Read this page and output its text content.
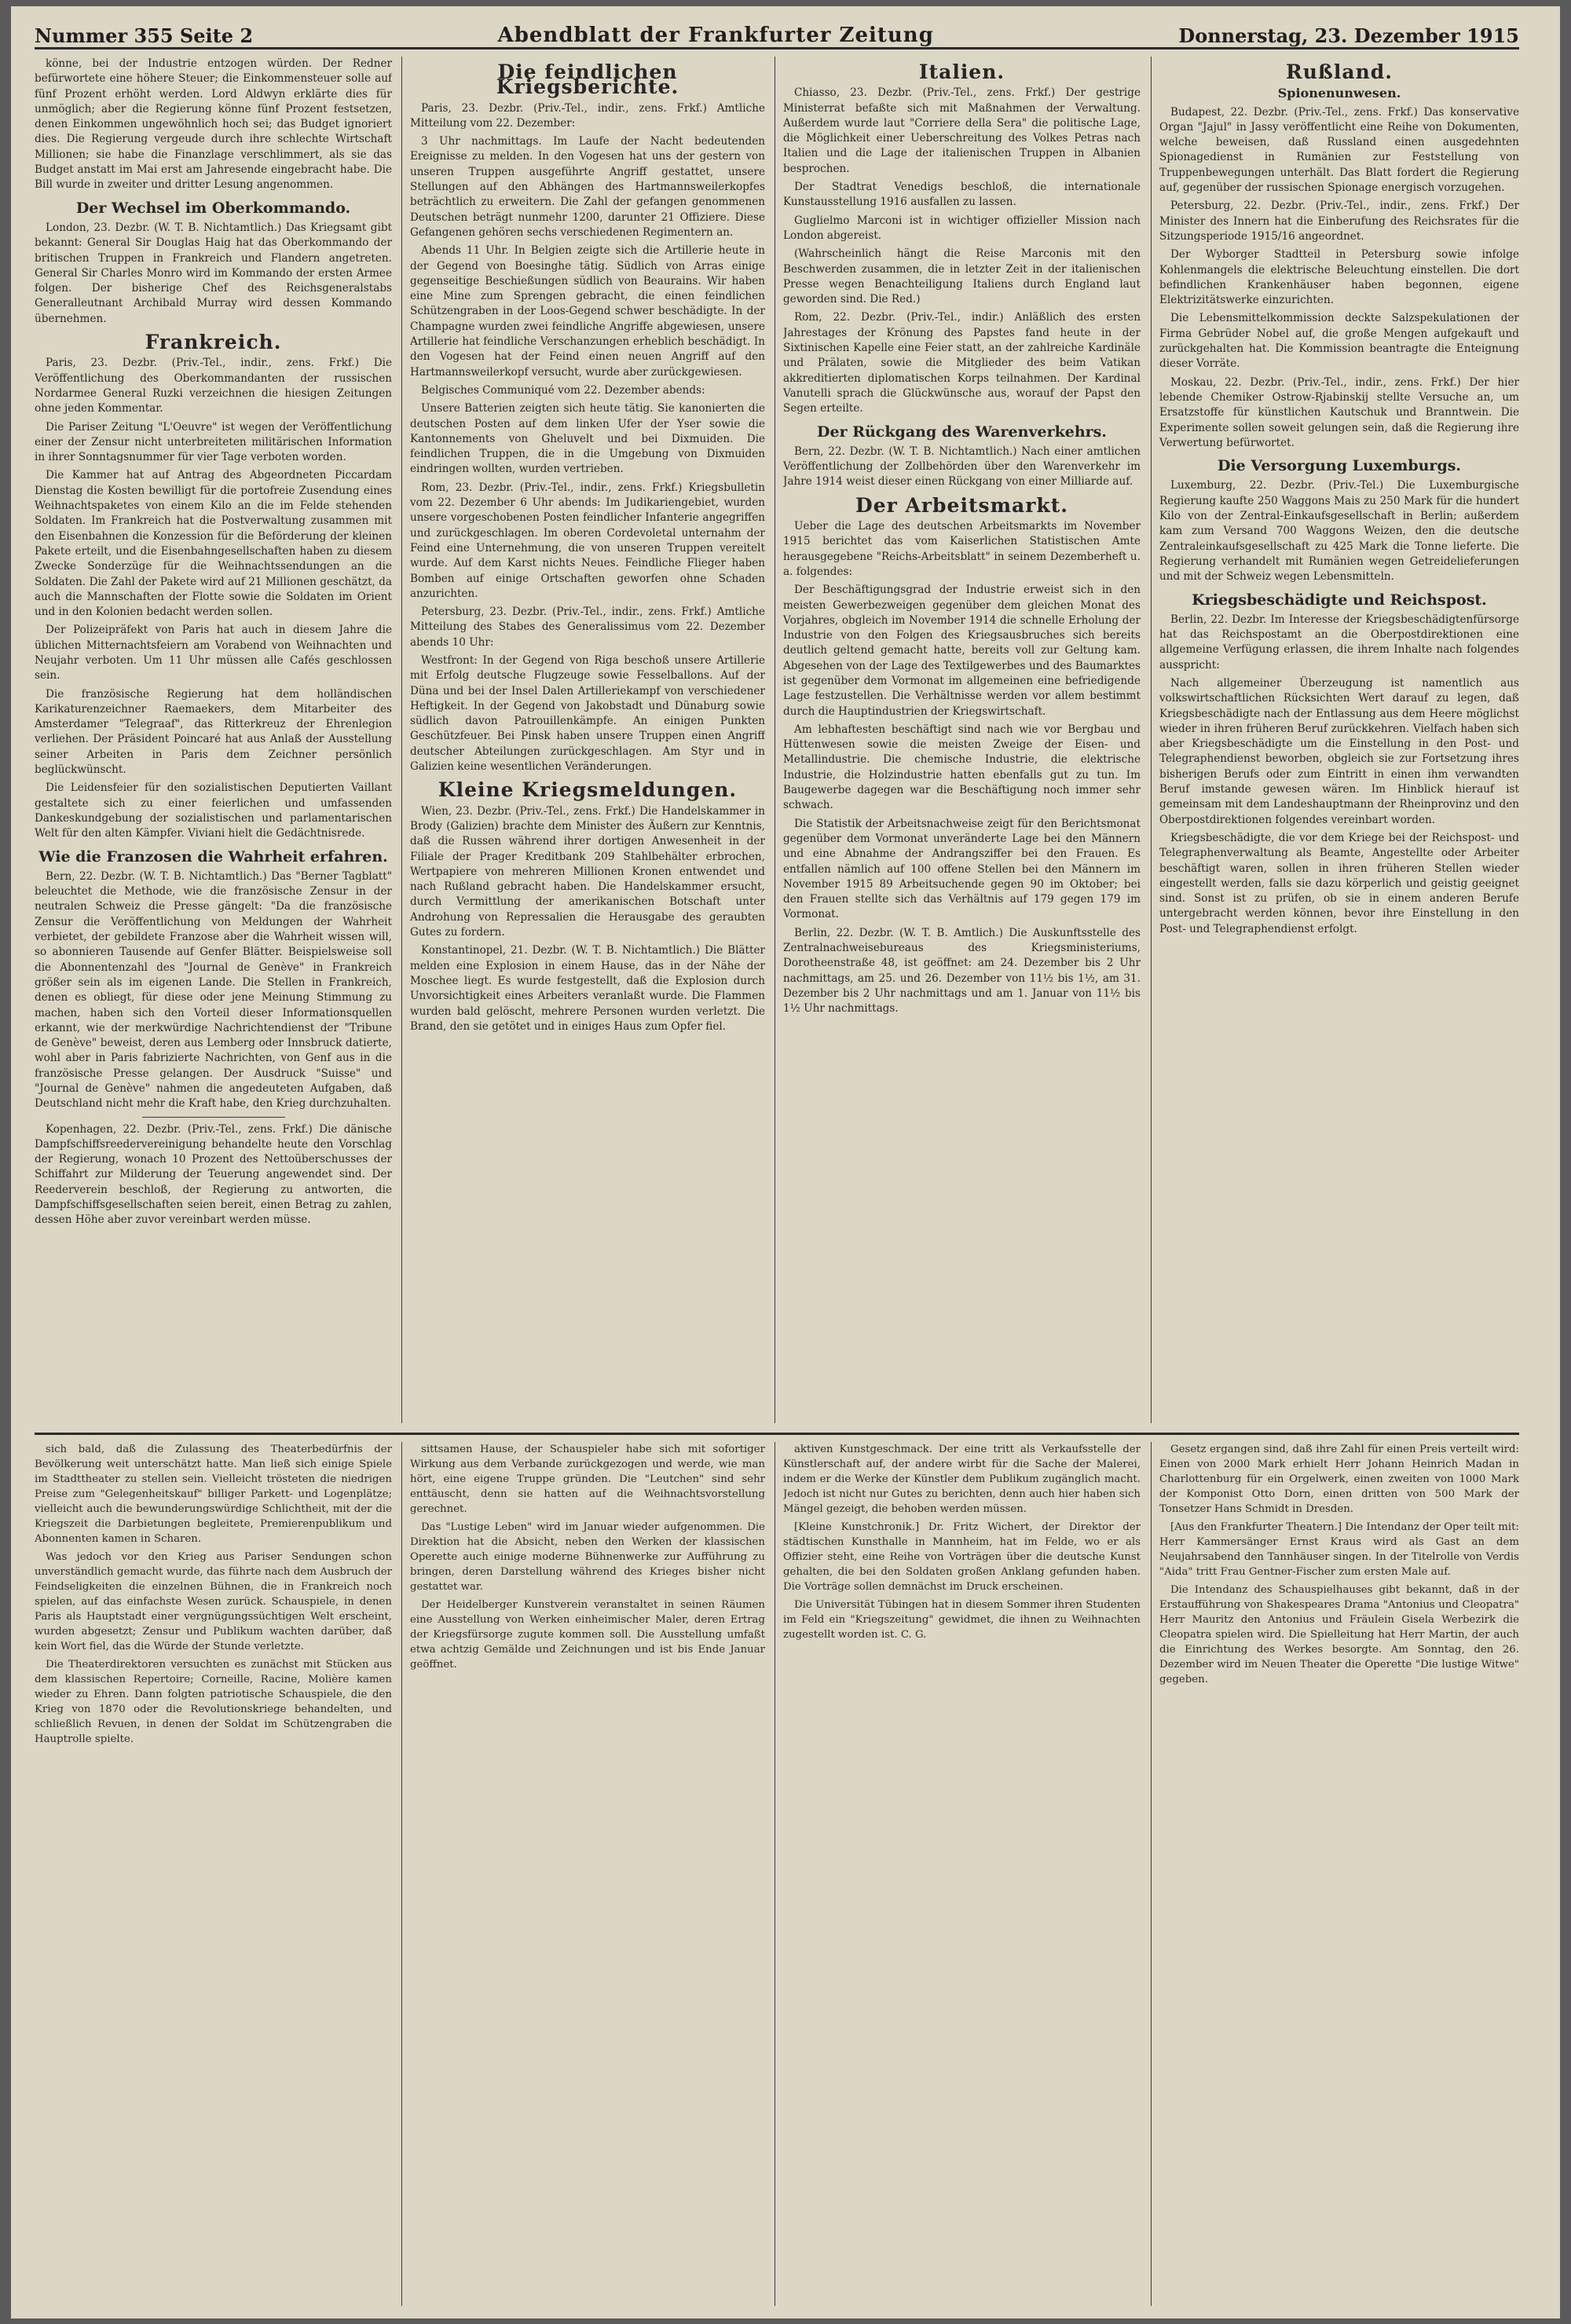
Nummer 355 Seite 2	Abendblatt der Frankfurter Zeitung	Donnerstag, 23. Dezember 1915

könne, bei der Industrie entzogen würden. Der Redner befürwortete eine höhere Steuer; die Einkommensteuer solle auf fünf Prozent erhöht werden. Lord Aldwyn erklärte dies für unmöglich; aber die Regierung könne fünf Prozent festsetzen, denen Einkommen ungewöhnlich hoch sei; das Budget ignoriert dies. Die Regierung vergeude durch ihre schlechte Wirtschaft Millionen; sie habe die Finanzlage verschlimmert, als sie das Budget anstatt im Mai erst am Jahresende eingebracht habe. Die Bill wurde in zweiter und dritter Lesung angenommen.

Der Wechsel im Oberkommando.

London, 23. Dezbr. (W. T. B. Nichtamtlich.) Das Kriegsamt gibt bekannt: General Sir Douglas Haig hat das Oberkommando der britischen Truppen in Frankreich und Flandern angetreten. General Sir Charles Monro wird im Kommando der ersten Armee folgen. Der bisherige Chef des Reichsgeneralstabs Generalleutnant Archibald Murray wird dessen Kommando übernehmen.

Frankreich.

Paris, 23. Dezbr. (Priv.-Tel., indir., zens. Frkf.) Die Veröffentlichung des Oberkommandanten der russischen Nordarmee General Ruzki verzeichnen die hiesigen Zeitungen ohne jeden Kommentar.

Die Pariser Zeitung "L'Oeuvre" ist wegen der Veröffentlichung einer der Zensur nicht unterbreiteten militärischen Information in ihrer Sonntagsnummer für vier Tage verboten worden.

Die Kammer hat auf Antrag des Abgeordneten Piccardam Dienstag die Kosten bewilligt für die portofreie Zusendung eines Weihnachtspaketes von einem Kilo an die im Felde stehenden Soldaten. Im Frankreich hat die Postverwaltung zusammen mit den Eisenbahnen die Konzession für die Beförderung der kleinen Pakete erteilt, und die Eisenbahngesellschaften haben zu diesem Zwecke Sonderzüge für die Weihnachtssendungen an die Soldaten. Die Zahl der Pakete wird auf 21 Millionen geschätzt, da auch die Mannschaften der Flotte sowie die Soldaten im Orient und in den Kolonien bedacht werden sollen.

Der Polizeipräfekt von Paris hat auch in diesem Jahre die üblichen Mitternachtsfeiern am Vorabend von Weihnachten und Neujahr verboten. Um 11 Uhr müssen alle Cafés geschlossen sein.

Die französische Regierung hat dem holländischen Karikaturenzeichner Raemaekers, dem Mitarbeiter des Amsterdamer "Telegraaf", das Ritterkreuz der Ehrenlegion verliehen. Der Präsident Poincaré hat aus Anlaß der Ausstellung seiner Arbeiten in Paris dem Zeichner persönlich beglückwünscht.

Die Leidensfeier für den sozialistischen Deputierten Vaillant gestaltete sich zu einer feierlichen und umfassenden Dankeskundgebung der sozialistischen und parlamentarischen Welt für den alten Kämpfer. Viviani hielt die Gedächtnisrede.

Wie die Franzosen die Wahrheit erfahren.

Bern, 22. Dezbr. (W. T. B. Nichtamtlich.) Das "Berner Tagblatt" beleuchtet die Methode, wie die französische Zensur in der neutralen Schweiz die Presse gängelt: "Da die französische Zensur die Veröffentlichung von Meldungen der Wahrheit verbietet, der gebildete Franzose aber die Wahrheit wissen will, so abonnieren Tausende auf Genfer Blätter. Beispielsweise soll die Abonnentenzahl des "Journal de Genève" in Frankreich größer sein als im eigenen Lande. Die Stellen in Frankreich, denen es obliegt, für diese oder jene Meinung Stimmung zu machen, haben sich den Vorteil dieser Informationsquellen erkannt, wie der merkwürdige Nachrichtendienst der "Tribune de Genève" beweist, deren aus Lemberg oder Innsbruck datierte, wohl aber in Paris fabrizierte Nachrichten, von Genf aus in die französische Presse gelangen. Der Ausdruck "Suisse" und "Journal de Genève" nahmen die angedeuteten Aufgaben, daß Deutschland nicht mehr die Kraft habe, den Krieg durchzuhalten.

Kopenhagen, 22. Dezbr. (Priv.-Tel., zens. Frkf.) Die dänische Dampfschiffsreedervereinigung behandelte heute den Vorschlag der Regierung, wonach 10 Prozent des Nettoüberschusses der Schiffahrt zur Milderung der Teuerung angewendet sind. Der Reederverein beschloß, der Regierung zu antworten, die Dampfschiffsgesellschaften seien bereit, einen Betrag zu zahlen, dessen Höhe aber zuvor vereinbart werden müsse.

Die feindlichen Kriegsberichte.

Paris, 23. Dezbr. (Priv.-Tel., indir., zens. Frkf.) Amtliche Mitteilung vom 22. Dezember:

3 Uhr nachmittags. Im Laufe der Nacht bedeutenden Ereignisse zu melden. In den Vogesen hat uns der gestern von unseren Truppen ausgeführte Angriff gestattet, unsere Stellungen auf den Abhängen des Hartmannsweilerkopfes beträchtlich zu erweitern. Die Zahl der gefangen genommenen Deutschen beträgt nunmehr 1200, darunter 21 Offiziere. Diese Gefangenen gehören sechs verschiedenen Regimentern an.

Abends 11 Uhr. In Belgien zeigte sich die Artillerie heute in der Gegend von Boesinghe tätig. Südlich von Arras einige gegenseitige Beschießungen südlich von Beaurains. Wir haben eine Mine zum Sprengen gebracht, die einen feindlichen Schützengraben in der Loos-Gegend schwer beschädigte. In der Champagne wurden zwei feindliche Angriffe abgewiesen, unsere Artillerie hat feindliche Verschanzungen erheblich beschädigt. In den Vogesen hat der Feind einen neuen Angriff auf den Hartmannsweilerkopf versucht, wurde aber zurückgewiesen.

Belgisches Communiqué vom 22. Dezember abends:

Unsere Batterien zeigten sich heute tätig. Sie kanonierten die deutschen Posten auf dem linken Ufer der Yser sowie die Kantonnements von Gheluvelt und bei Dixmuiden. Die feindlichen Truppen, die in die Umgebung von Dixmuiden eindringen wollten, wurden vertrieben.

Rom, 23. Dezbr. (Priv.-Tel., indir., zens. Frkf.) Kriegsbulletin vom 22. Dezember 6 Uhr abends: Im Judikariengebiet, wurden unsere vorgeschobenen Posten feindlicher Infanterie angegriffen und zurückgeschlagen. Im oberen Cordevoletal unternahm der Feind eine Unternehmung, die von unseren Truppen vereitelt wurde. Auf dem Karst nichts Neues. Feindliche Flieger haben Bomben auf einige Ortschaften geworfen ohne Schaden anzurichten.

Petersburg, 23. Dezbr. (Priv.-Tel., indir., zens. Frkf.) Amtliche Mitteilung des Stabes des Generalissimus vom 22. Dezember abends 10 Uhr:

Westfront: In der Gegend von Riga beschoß unsere Artillerie mit Erfolg deutsche Flugzeuge sowie Fesselballons. Auf der Düna und bei der Insel Dalen Artilleriekampf von verschiedener Heftigkeit. In der Gegend von Jakobstadt und Dünaburg sowie südlich davon Patrouillenkämpfe. An einigen Punkten Geschützfeuer. Bei Pinsk haben unsere Truppen einen Angriff deutscher Abteilungen zurückgeschlagen. Am Styr und in Galizien keine wesentlichen Veränderungen.

Kleine Kriegsmeldungen.

Wien, 23. Dezbr. (Priv.-Tel., zens. Frkf.) Die Handelskammer in Brody (Galizien) brachte dem Minister des Äußern zur Kenntnis, daß die Russen während ihrer dortigen Anwesenheit in der Filiale der Prager Kreditbank 209 Stahlbehälter erbrochen, Wertpapiere von mehreren Millionen Kronen entwendet und nach Rußland gebracht haben. Die Handelskammer ersucht, durch Vermittlung der amerikanischen Botschaft unter Androhung von Repressalien die Herausgabe des geraubten Gutes zu fordern.

Konstantinopel, 21. Dezbr. (W. T. B. Nichtamtlich.) Die Blätter melden eine Explosion in einem Hause, das in der Nähe der Moschee liegt. Es wurde festgestellt, daß die Explosion durch Unvorsichtigkeit eines Arbeiters veranlaßt wurde. Die Flammen wurden bald gelöscht, mehrere Personen wurden verletzt. Die Brand, den sie getötet und in einiges Haus zum Opfer fiel.

Italien.

Chiasso, 23. Dezbr. (Priv.-Tel., zens. Frkf.) Der gestrige Ministerrat befaßte sich mit Maßnahmen der Verwaltung. Außerdem wurde laut "Corriere della Sera" die politische Lage, die Möglichkeit einer Ueberschreitung des Volkes Petras nach Italien und die Lage der italienischen Truppen in Albanien besprochen.

Der Stadtrat Venedigs beschloß, die internationale Kunstausstellung 1916 ausfallen zu lassen.

Guglielmo Marconi ist in wichtiger offizieller Mission nach London abgereist.

(Wahrscheinlich hängt die Reise Marconis mit den Beschwerden zusammen, die in letzter Zeit in der italienischen Presse wegen Benachteiligung Italiens durch England laut geworden sind. Die Red.)

Rom, 22. Dezbr. (Priv.-Tel., indir.) Anläßlich des ersten Jahrestages der Krönung des Papstes fand heute in der Sixtinischen Kapelle eine Feier statt, an der zahlreiche Kardinäle und Prälaten, sowie die Mitglieder des beim Vatikan akkreditierten diplomatischen Korps teilnahmen. Der Kardinal Vanutelli sprach die Glückwünsche aus, worauf der Papst den Segen erteilte.

Der Rückgang des Warenverkehrs.

Bern, 22. Dezbr. (W. T. B. Nichtamtlich.) Nach einer amtlichen Veröffentlichung der Zollbehörden über den Warenverkehr im Jahre 1914 weist dieser einen Rückgang von einer Milliarde auf.

Der Arbeitsmarkt.

Ueber die Lage des deutschen Arbeitsmarkts im November 1915 berichtet das vom Kaiserlichen Statistischen Amte herausgegebene "Reichs-Arbeitsblatt" in seinem Dezemberheft u. a. folgendes:

Der Beschäftigungsgrad der Industrie erweist sich in den meisten Gewerbezweigen gegenüber dem gleichen Monat des Vorjahres, obgleich im November 1914 die schnelle Erholung der Industrie von den Folgen des Kriegsausbruches sich bereits deutlich geltend gemacht hatte, bereits voll zur Geltung kam. Abgesehen von der Lage des Textilgewerbes und des Baumarktes ist gegenüber dem Vormonat im allgemeinen eine befriedigende Lage festzustellen. Die Verhältnisse werden vor allem bestimmt durch die Hauptindustrien der Kriegswirtschaft.

Am lebhaftesten beschäftigt sind nach wie vor Bergbau und Hüttenwesen sowie die meisten Zweige der Eisen- und Metallindustrie. Die chemische Industrie, die elektrische Industrie, die Holzindustrie hatten ebenfalls gut zu tun. Im Baugewerbe dagegen war die Beschäftigung noch immer sehr schwach.

Die Statistik der Arbeitsnachweise zeigt für den Berichtsmonat gegenüber dem Vormonat unveränderte Lage bei den Männern und eine Abnahme der Andrangsziffer bei den Frauen. Es entfallen nämlich auf 100 offene Stellen bei den Männern im November 1915 89 Arbeitsuchende gegen 90 im Oktober; bei den Frauen stellte sich das Verhältnis auf 179 gegen 179 im Vormonat.

Berlin, 22. Dezbr. (W. T. B. Amtlich.) Die Auskunftsstelle des Zentralnachweisebureaus des Kriegsministeriums, Dorotheenstraße 48, ist geöffnet: am 24. Dezember bis 2 Uhr nachmittags, am 25. und 26. Dezember von 11½ bis 1½, am 31. Dezember bis 2 Uhr nachmittags und am 1. Januar von 11½ bis 1½ Uhr nachmittags.

Rußland.
Spionenunwesen.

Budapest, 22. Dezbr. (Priv.-Tel., zens. Frkf.) Das konservative Organ "Jajul" in Jassy veröffentlicht eine Reihe von Dokumenten, welche beweisen, daß Russland einen ausgedehnten Spionagedienst in Rumänien zur Feststellung von Truppenbewegungen unterhält. Das Blatt fordert die Regierung auf, gegenüber der russischen Spionage energisch vorzugehen.

Petersburg, 22. Dezbr. (Priv.-Tel., indir., zens. Frkf.) Der Minister des Innern hat die Einberufung des Reichsrates für die Sitzungsperiode 1915/16 angeordnet.

Der Wyborger Stadtteil in Petersburg sowie infolge Kohlenmangels die elektrische Beleuchtung einstellen. Die dort befindlichen Krankenhäuser haben begonnen, eigene Elektrizitätswerke einzurichten.

Die Lebensmittelkommission deckte Salzspekulationen der Firma Gebrüder Nobel auf, die große Mengen aufgekauft und zurückgehalten hat. Die Kommission beantragte die Enteignung dieser Vorräte.

Moskau, 22. Dezbr. (Priv.-Tel., indir., zens. Frkf.) Der hier lebende Chemiker Ostrow-Rjabinskij stellte Versuche an, um Ersatzstoffe für künstlichen Kautschuk und Branntwein. Die Experimente sollen soweit gelungen sein, daß die Regierung ihre Verwertung befürwortet.

Die Versorgung Luxemburgs.

Luxemburg, 22. Dezbr. (Priv.-Tel.) Die Luxemburgische Regierung kaufte 250 Waggons Mais zu 250 Mark für die hundert Kilo von der Zentral-Einkaufsgesellschaft in Berlin; außerdem kam zum Versand 700 Waggons Weizen, den die deutsche Zentraleinkaufsgesellschaft zu 425 Mark die Tonne lieferte. Die Regierung verhandelt mit Rumänien wegen Getreidelieferungen und mit der Schweiz wegen Lebensmitteln.

Kriegsbeschädigte und Reichspost.

Berlin, 22. Dezbr. Im Interesse der Kriegsbeschädigtenfürsorge hat das Reichspostamt an die Oberpostdirektionen eine allgemeine Verfügung erlassen, die ihrem Inhalte nach folgendes ausspricht:

Nach allgemeiner Überzeugung ist namentlich aus volkswirtschaftlichen Rücksichten Wert darauf zu legen, daß Kriegsbeschädigte nach der Entlassung aus dem Heere möglichst wieder in ihren früheren Beruf zurückkehren. Vielfach haben sich aber Kriegsbeschädigte um die Einstellung in den Post- und Telegraphendienst beworben, obgleich sie zur Fortsetzung ihres bisherigen Berufs oder zum Eintritt in einen ihm verwandten Beruf imstande gewesen wären. Im Hinblick hierauf ist gemeinsam mit dem Landeshauptmann der Rheinprovinz und den Oberpostdirektionen folgendes vereinbart worden.

Kriegsbeschädigte, die vor dem Kriege bei der Reichspost- und Telegraphenverwaltung als Beamte, Angestellte oder Arbeiter beschäftigt waren, sollen in ihren früheren Stellen wieder eingestellt werden, falls sie dazu körperlich und geistig geeignet sind. Sonst ist zu prüfen, ob sie in einem anderen Berufe untergebracht werden können, bevor ihre Einstellung in den Post- und Telegraphendienst erfolgt.

sich bald, daß die Zulassung des Theaterbedürfnis der Bevölkerung weit unterschätzt hatte. Man ließ sich einige Spiele im Stadttheater zu stellen sein. Vielleicht trösteten die niedrigen Preise zum "Gelegenheitskauf" billiger Parkett- und Logenplätze; vielleicht auch die bewunderungswürdige Schlichtheit, mit der die Kriegszeit die Darbietungen begleitete, Premierenpublikum und Abonnenten kamen in Scharen.

Was jedoch vor den Krieg aus Pariser Sendungen schon unverständlich gemacht wurde, das führte nach dem Ausbruch der Feindseligkeiten die einzelnen Bühnen, die in Frankreich noch spielen, auf das einfachste Wesen zurück. Schauspiele, in denen Paris als Hauptstadt einer vergnügungssüchtigen Welt erscheint, wurden abgesetzt; Zensur und Publikum wachten darüber, daß kein Wort fiel, das die Würde der Stunde verletzte.

Die Theaterdirektoren versuchten es zunächst mit Stücken aus dem klassischen Repertoire; Corneille, Racine, Molière kamen wieder zu Ehren. Dann folgten patriotische Schauspiele, die den Krieg von 1870 oder die Revolutionskriege behandelten, und schließlich Revuen, in denen der Soldat im Schützengraben die Hauptrolle spielte.

sittsamen Hause, der Schauspieler habe sich mit sofortiger Wirkung aus dem Verbande zurückgezogen und werde, wie man hört, eine eigene Truppe gründen. Die "Leutchen" sind sehr enttäuscht, denn sie hatten auf die Weihnachtsvorstellung gerechnet.

Das "Lustige Leben" wird im Januar wieder aufgenommen. Die Direktion hat die Absicht, neben den Werken der klassischen Operette auch einige moderne Bühnenwerke zur Aufführung zu bringen, deren Darstellung während des Krieges bisher nicht gestattet war.

Der Heidelberger Kunstverein veranstaltet in seinen Räumen eine Ausstellung von Werken einheimischer Maler, deren Ertrag der Kriegsfürsorge zugute kommen soll. Die Ausstellung umfaßt etwa achtzig Gemälde und Zeichnungen und ist bis Ende Januar geöffnet.

aktiven Kunstgeschmack. Der eine tritt als Verkaufsstelle der Künstlerschaft auf, der andere wirbt für die Sache der Malerei, indem er die Werke der Künstler dem Publikum zugänglich macht. Jedoch ist nicht nur Gutes zu berichten, denn auch hier haben sich Mängel gezeigt, die behoben werden müssen.

[Kleine Kunstchronik.] Dr. Fritz Wichert, der Direktor der städtischen Kunsthalle in Mannheim, hat im Felde, wo er als Offizier steht, eine Reihe von Vorträgen über die deutsche Kunst gehalten, die bei den Soldaten großen Anklang gefunden haben. Die Vorträge sollen demnächst im Druck erscheinen.

Die Universität Tübingen hat in diesem Sommer ihren Studenten im Feld ein "Kriegszeitung" gewidmet, die ihnen zu Weihnachten zugestellt worden ist. C. G.

Gesetz ergangen sind, daß ihre Zahl für einen Preis verteilt wird: Einen von 2000 Mark erhielt Herr Johann Heinrich Madan in Charlottenburg für ein Orgelwerk, einen zweiten von 1000 Mark der Komponist Otto Dorn, einen dritten von 500 Mark der Tonsetzer Hans Schmidt in Dresden.

[Aus den Frankfurter Theatern.] Die Intendanz der Oper teilt mit: Herr Kammersänger Ernst Kraus wird als Gast an dem Neujahrsabend den Tannhäuser singen. In der Titelrolle von Verdis "Aida" tritt Frau Gentner-Fischer zum ersten Male auf.

Die Intendanz des Schauspielhauses gibt bekannt, daß in der Erstaufführung von Shakespeares Drama "Antonius und Cleopatra" Herr Mauritz den Antonius und Fräulein Gisela Werbezirk die Cleopatra spielen wird. Die Spielleitung hat Herr Martin, der auch die Einrichtung des Werkes besorgte. Am Sonntag, den 26. Dezember wird im Neuen Theater die Operette "Die lustige Witwe" gegeben.
